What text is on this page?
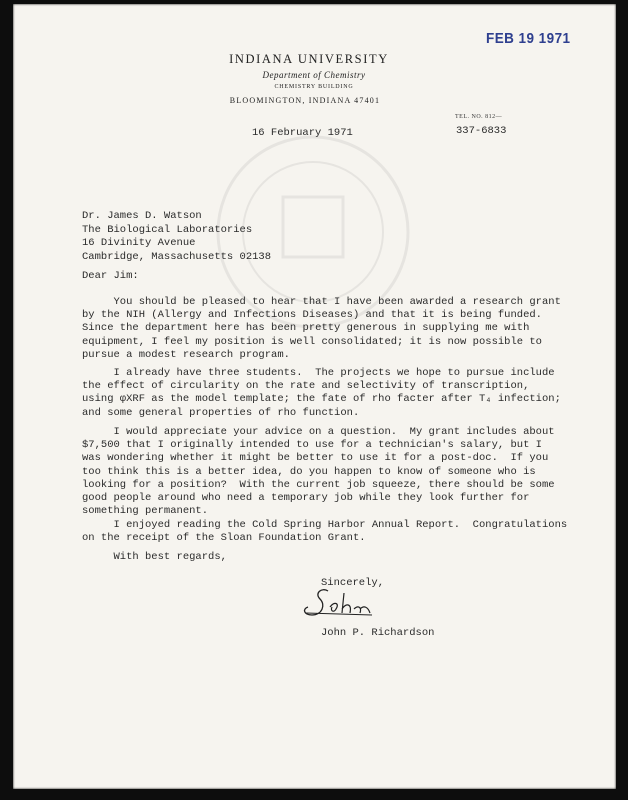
FEB 19 1971
INDIANA UNIVERSITY
Department of Chemistry
CHEMISTRY BUILDING
BLOOMINGTON, INDIANA 47401
TEL. NO. 812—
337-6833
16 February 1971
Dr. James D. Watson
The Biological Laboratories
16 Divinity Avenue
Cambridge, Massachusetts 02138
Dear Jim:
You should be pleased to hear that I have been awarded a research grant
by the NIH (Allergy and Infections Diseases) and that it is being funded.
Since the department here has been pretty generous in supplying me with
equipment, I feel my position is well consolidated; it is now possible to
pursue a modest research program.
I already have three students.  The projects we hope to pursue include
the effect of circularity on the rate and selectivity of transcription,
using φXRF as the model template; the fate of rho facter after T₄ infection;
and some general properties of rho function.
I would appreciate your advice on a question.  My grant includes about
$7,500 that I originally intended to use for a technician's salary, but I
was wondering whether it might be better to use it for a post-doc.  If you
too think this is a better idea, do you happen to know of someone who is
looking for a position?  With the current job squeeze, there should be some
good people around who need a temporary job while they look further for
something permanent.
I enjoyed reading the Cold Spring Harbor Annual Report.  Congratulations
on the receipt of the Sloan Foundation Grant.
With best regards,
Sincerely,
John P. Richardson
